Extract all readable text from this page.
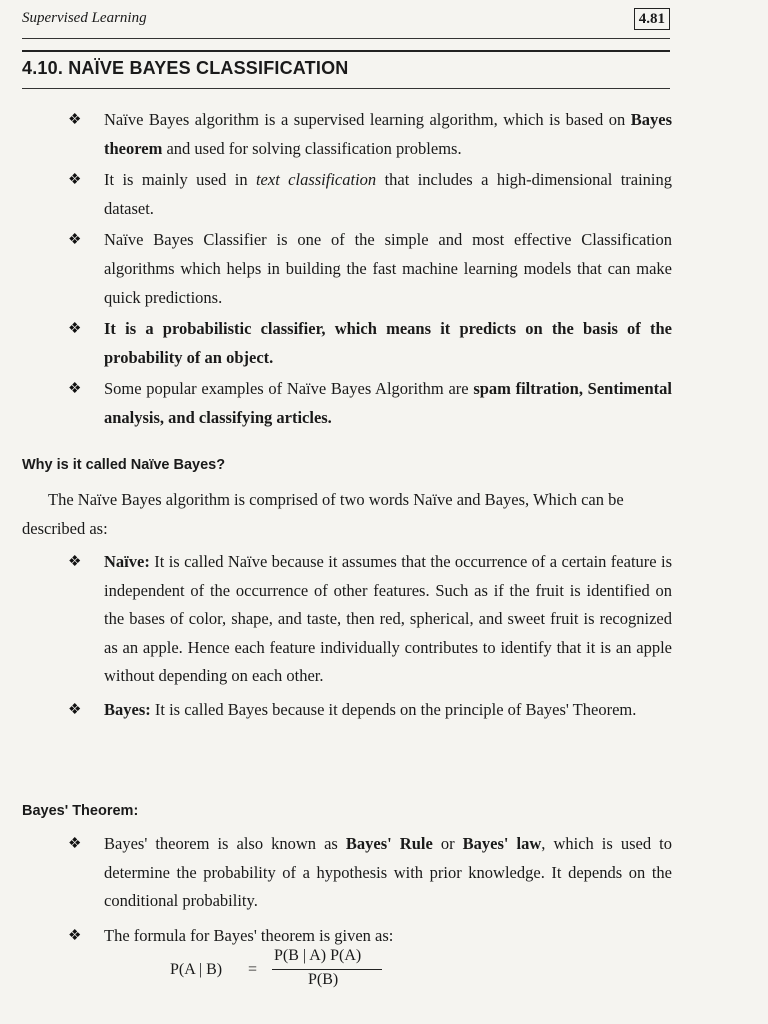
Supervised Learning	4.81
4.10. NAÏVE BAYES CLASSIFICATION
❖ Naïve Bayes algorithm is a supervised learning algorithm, which is based on Bayes theorem and used for solving classification problems.
❖ It is mainly used in text classification that includes a high-dimensional training dataset.
❖ Naïve Bayes Classifier is one of the simple and most effective Classification algorithms which helps in building the fast machine learning models that can make quick predictions.
❖ It is a probabilistic classifier, which means it predicts on the basis of the probability of an object.
❖ Some popular examples of Naïve Bayes Algorithm are spam filtration, Sentimental analysis, and classifying articles.
Why is it called Naïve Bayes?

The Naïve Bayes algorithm is comprised of two words Naïve and Bayes, Which can be described as:

❖ Naïve: It is called Naïve because it assumes that the occurrence of a certain feature is independent of the occurrence of other features. Such as if the fruit is identified on the bases of color, shape, and taste, then red, spherical, and sweet fruit is recognized as an apple. Hence each feature individually contributes to identify that it is an apple without depending on each other.
❖ Bayes: It is called Bayes because it depends on the principle of Bayes' Theorem.
Bayes' Theorem:
❖ Bayes' theorem is also known as Bayes' Rule or Bayes' law, which is used to determine the probability of a hypothesis with prior knowledge. It depends on the conditional probability.
❖ The formula for Bayes' theorem is given as:
P(A | B) =
P(B | A) P(A)
P(B)
